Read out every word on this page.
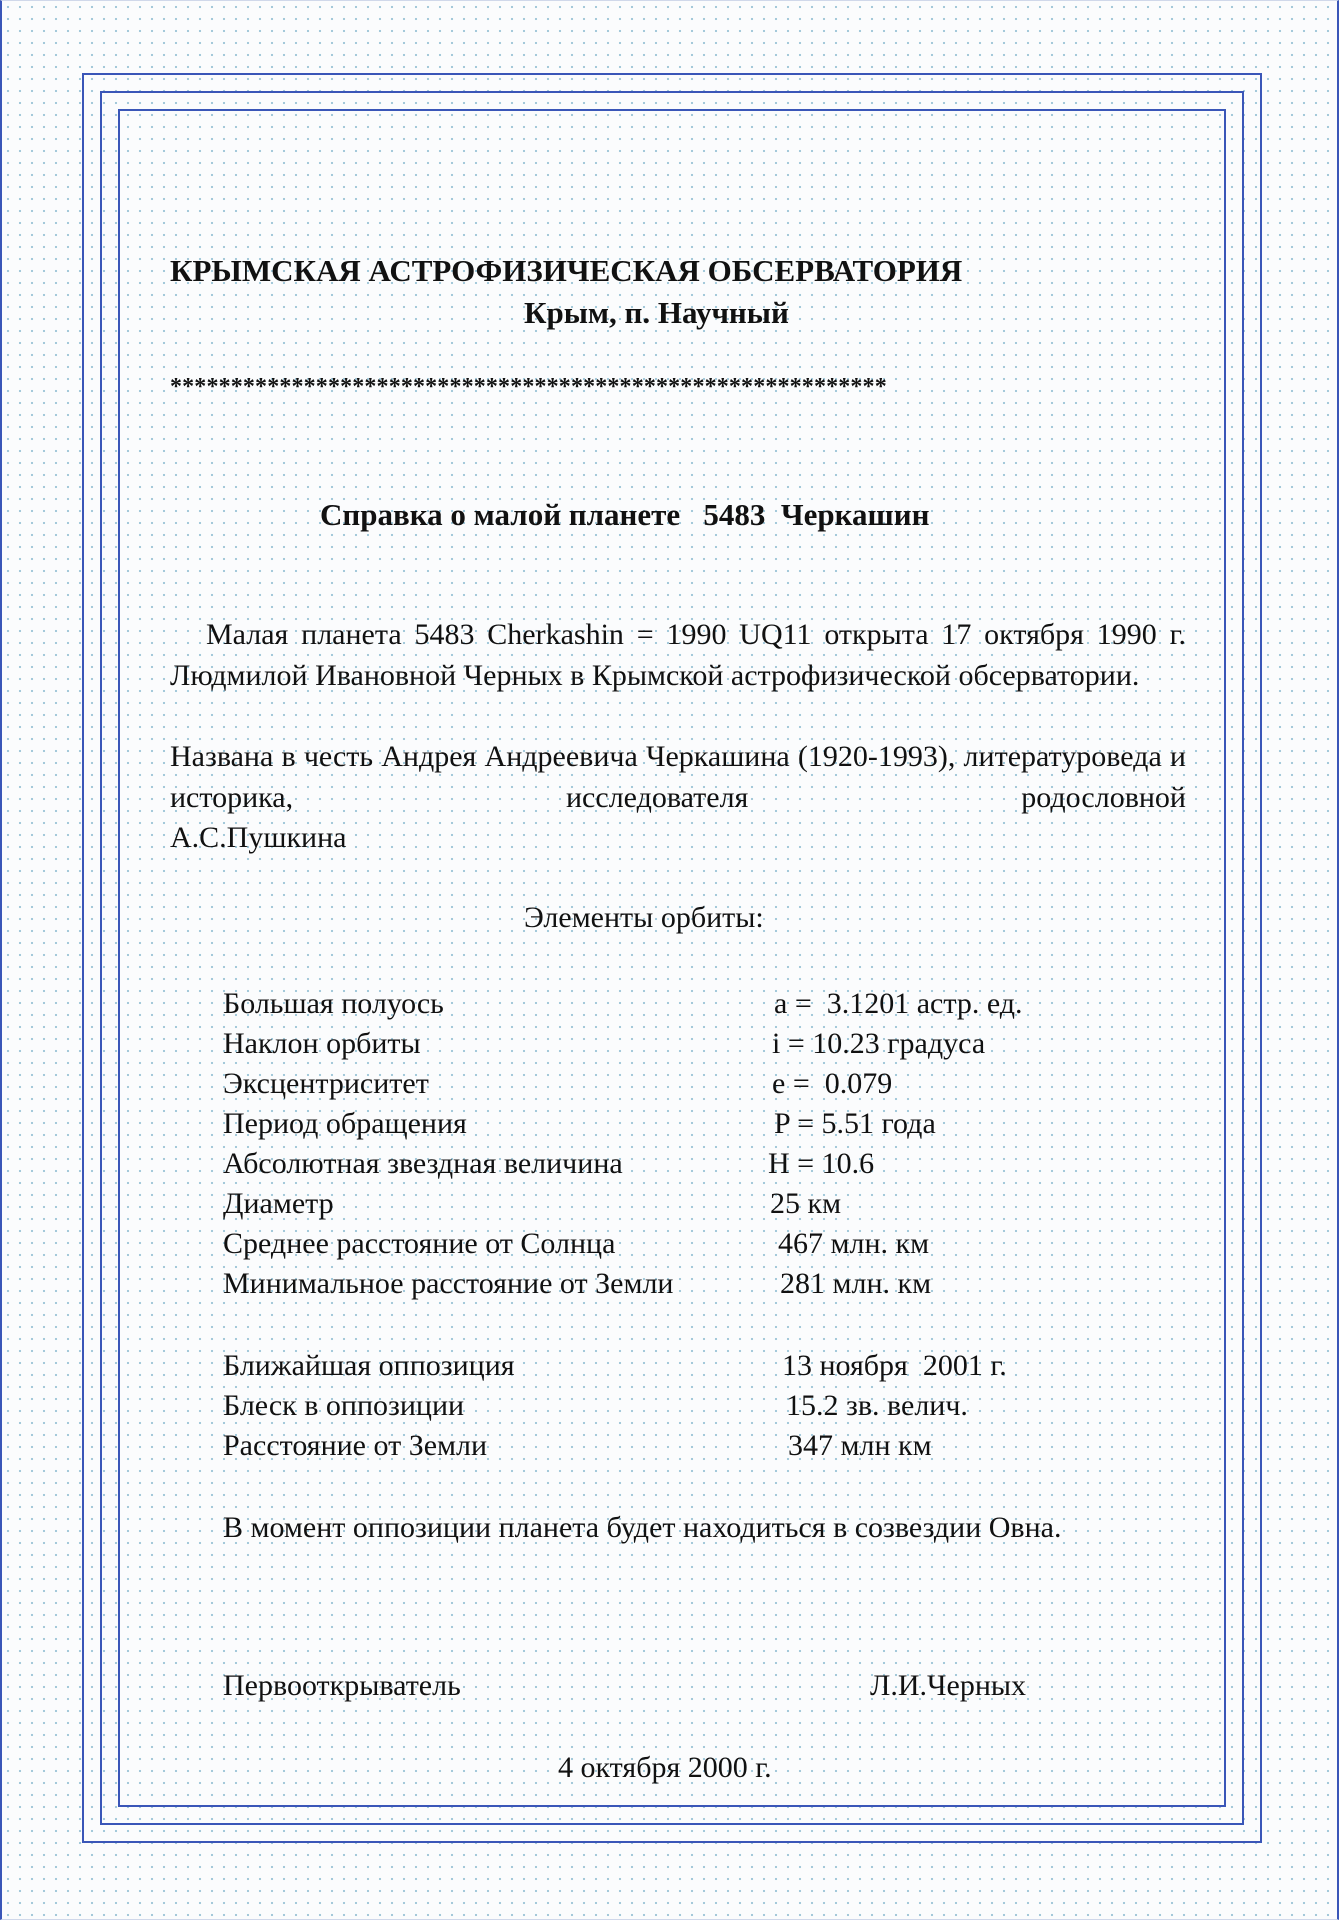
КРЫМСКАЯ АСТРОФИЗИЧЕСКАЯ ОБСЕРВАТОРИЯ
Крым, п. Научный
***********************************************************
Справка о малой планете   5483  Черкашин
Малая планета 5483 Cherkashin = 1990 UQ11 открыта 17 октября 1990 г. Людмилой Ивановной Черных в Крымской астрофизической обсерватории.
Названа в честь Андрея Андреевича Черкашина (1920-1993), литературоведа и историка, исследователя родословной
А.С.Пушкина
Элементы орбиты:
Большая полуось	a =  3.1201 астр. ед.
Наклон орбиты	i = 10.23 градуса
Эксцентриситет	e =  0.079
Период обращения	P = 5.51 года
Абсолютная звездная величина	H = 10.6
Диаметр	25 км
Среднее расстояние от Солнца	467 млн. км
Минимальное расстояние от Земли	281 млн. км
Ближайшая оппозиция	13 ноября  2001 г.
Блеск в оппозиции	15.2 зв. велич.
Расстояние от Земли	347 млн км
В момент оппозиции планета будет находиться в созвездии Овна.
Первооткрыватель	Л.И.Черных
4 октября 2000 г.
